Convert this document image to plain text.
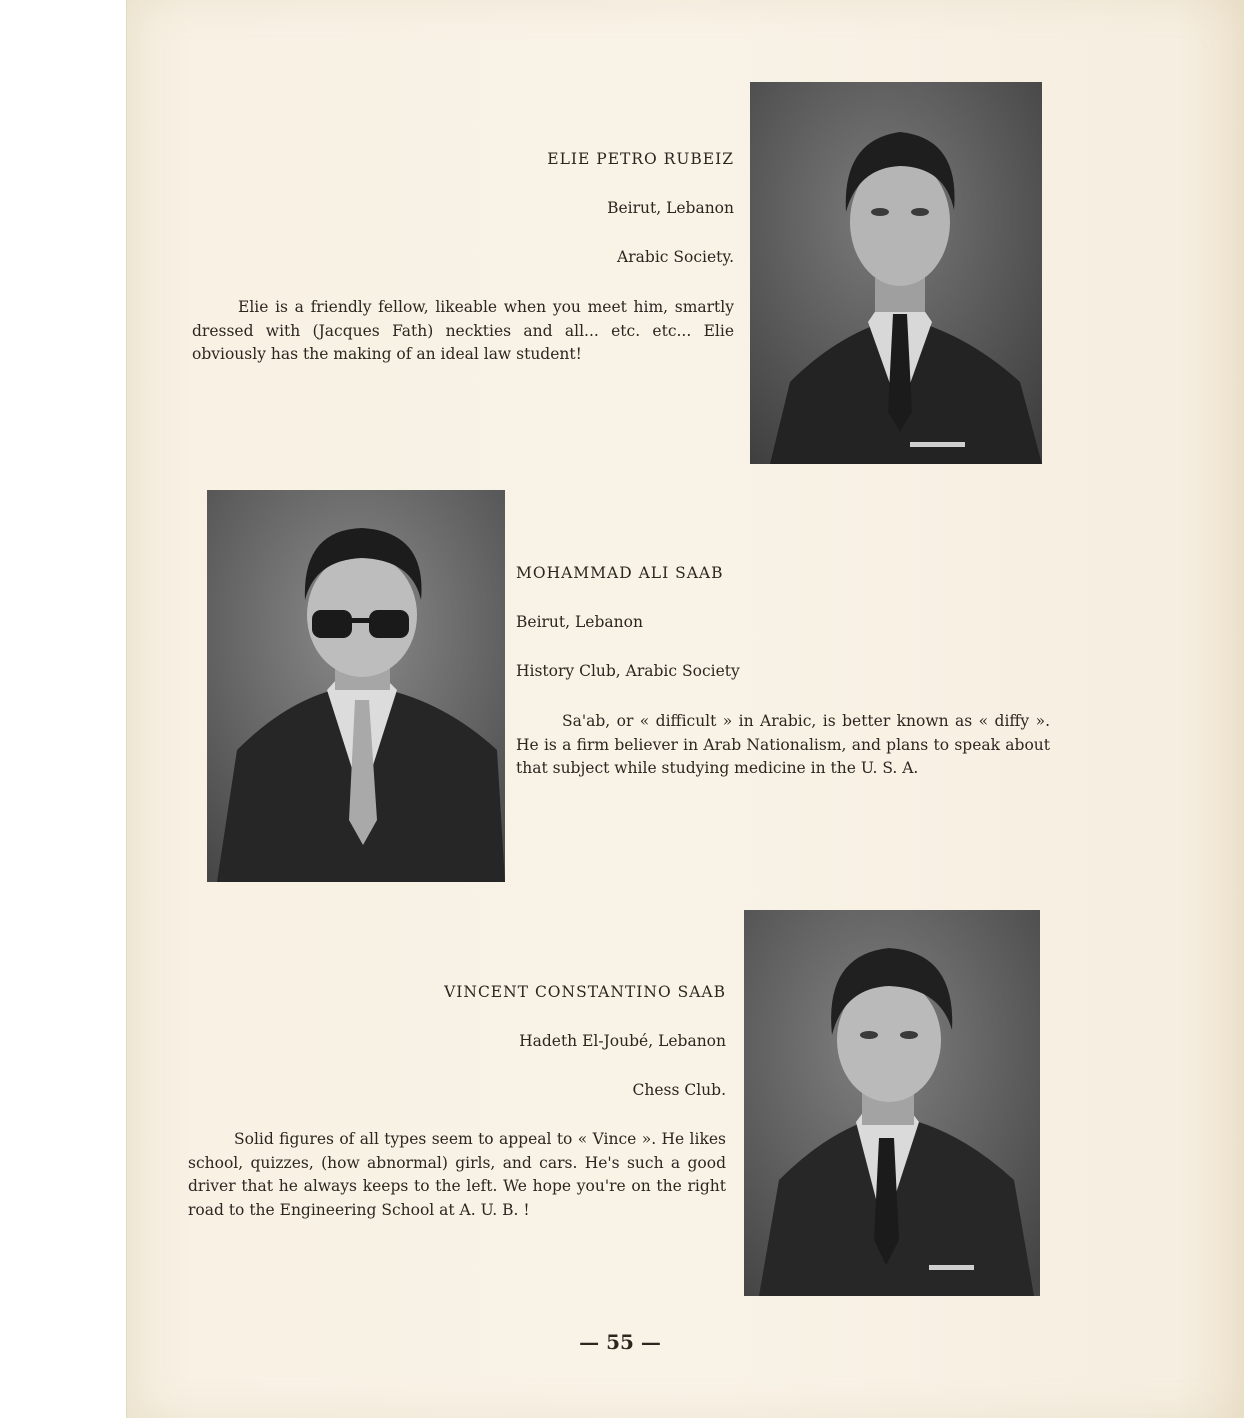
ELIE PETRO RUBEIZ

Beirut, Lebanon

Arabic Society.

Elie is a friendly fellow, likeable when you meet him, smartly dressed with (Jacques Fath) neckties and all... etc. etc... Elie obviously has the making of an ideal law student!

MOHAMMAD ALI SAAB

Beirut, Lebanon

History Club, Arabic Society

Sa'ab, or « difficult » in Arabic, is better known as « diffy ». He is a firm believer in Arab Nationalism, and plans to speak about that subject while studying medicine in the U. S. A.

VINCENT CONSTANTINO SAAB

Hadeth El-Joubé, Lebanon

Chess Club.

Solid figures of all types seem to appeal to « Vince ». He likes school, quizzes, (how abnormal) girls, and cars. He's such a good driver that he always keeps to the left. We hope you're on the right road to the Engineering School at A. U. B. !

— 55 —
